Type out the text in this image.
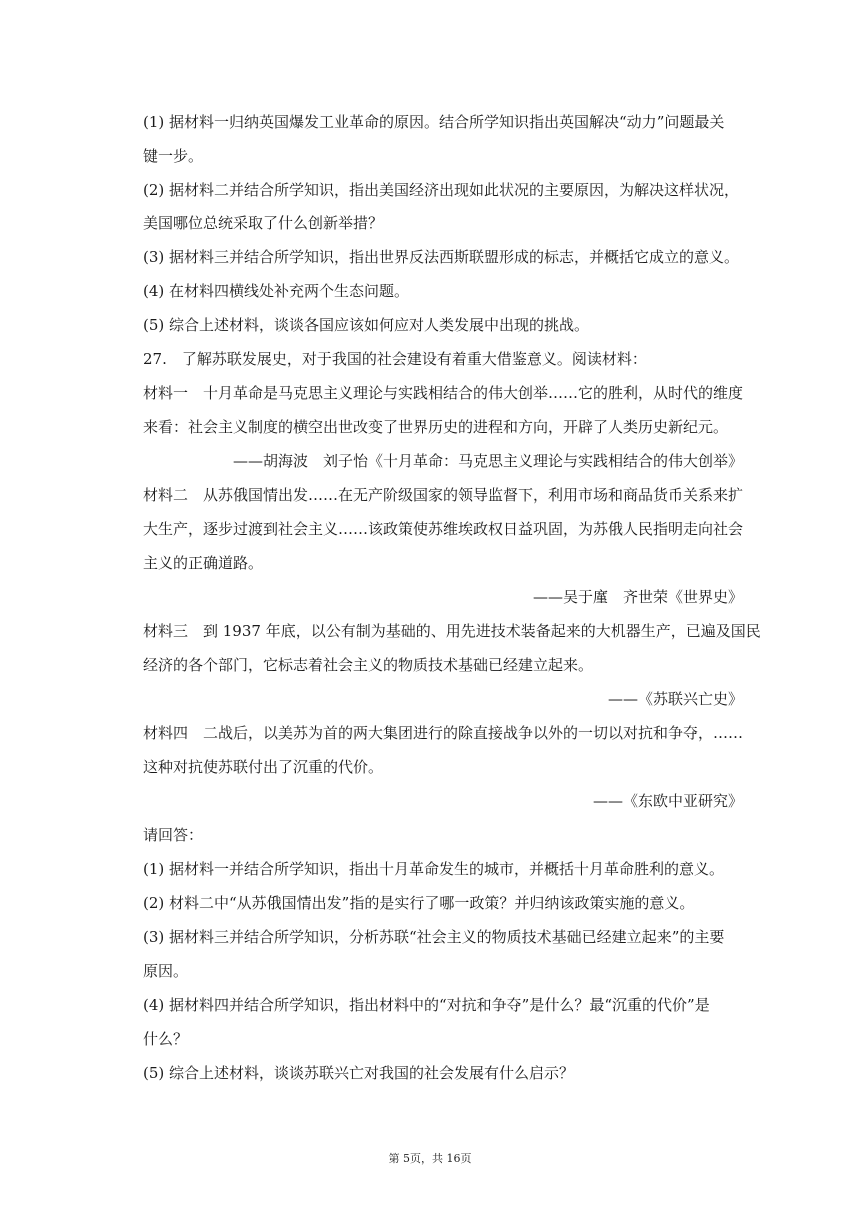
(1) 据材料一归纳英国爆发工业革命的原因。结合所学知识指出英国解决“动力”问题最关
键一步。
(2) 据材料二并结合所学知识，指出美国经济出现如此状况的主要原因，为解决这样状况，
美国哪位总统采取了什么创新举措？
(3) 据材料三并结合所学知识，指出世界反法西斯联盟形成的标志，并概括它成立的意义。
(4) 在材料四横线处补充两个生态问题。
(5) 综合上述材料，谈谈各国应该如何应对人类发展中出现的挑战。
27.　了解苏联发展史，对于我国的社会建设有着重大借鉴意义。阅读材料：
材料一　十月革命是马克思主义理论与实践相结合的伟大创举……它的胜利，从时代的维度
来看：社会主义制度的横空出世改变了世界历史的进程和方向，开辟了人类历史新纪元。
——胡海波　刘子怡《十月革命：马克思主义理论与实践相结合的伟大创举》
材料二　从苏俄国情出发……在无产阶级国家的领导监督下，利用市场和商品货币关系来扩
大生产，逐步过渡到社会主义……该政策使苏维埃政权日益巩固，为苏俄人民指明走向社会
主义的正确道路。
——吴于廑　齐世荣《世界史》
材料三　到 1937 年底，以公有制为基础的、用先进技术装备起来的大机器生产，已遍及国民
经济的各个部门，它标志着社会主义的物质技术基础已经建立起来。
——《苏联兴亡史》
材料四　二战后，以美苏为首的两大集团进行的除直接战争以外的一切以对抗和争夺，……
这种对抗使苏联付出了沉重的代价。
——《东欧中亚研究》
请回答：
(1) 据材料一并结合所学知识，指出十月革命发生的城市，并概括十月革命胜利的意义。
(2) 材料二中“从苏俄国情出发”指的是实行了哪一政策？并归纳该政策实施的意义。
(3) 据材料三并结合所学知识，分析苏联“社会主义的物质技术基础已经建立起来”的主要
原因。
(4) 据材料四并结合所学知识，指出材料中的“对抗和争夺”是什么？最“沉重的代价”是
什么？
(5) 综合上述材料，谈谈苏联兴亡对我国的社会发展有什么启示？
第 5页，共 16页
